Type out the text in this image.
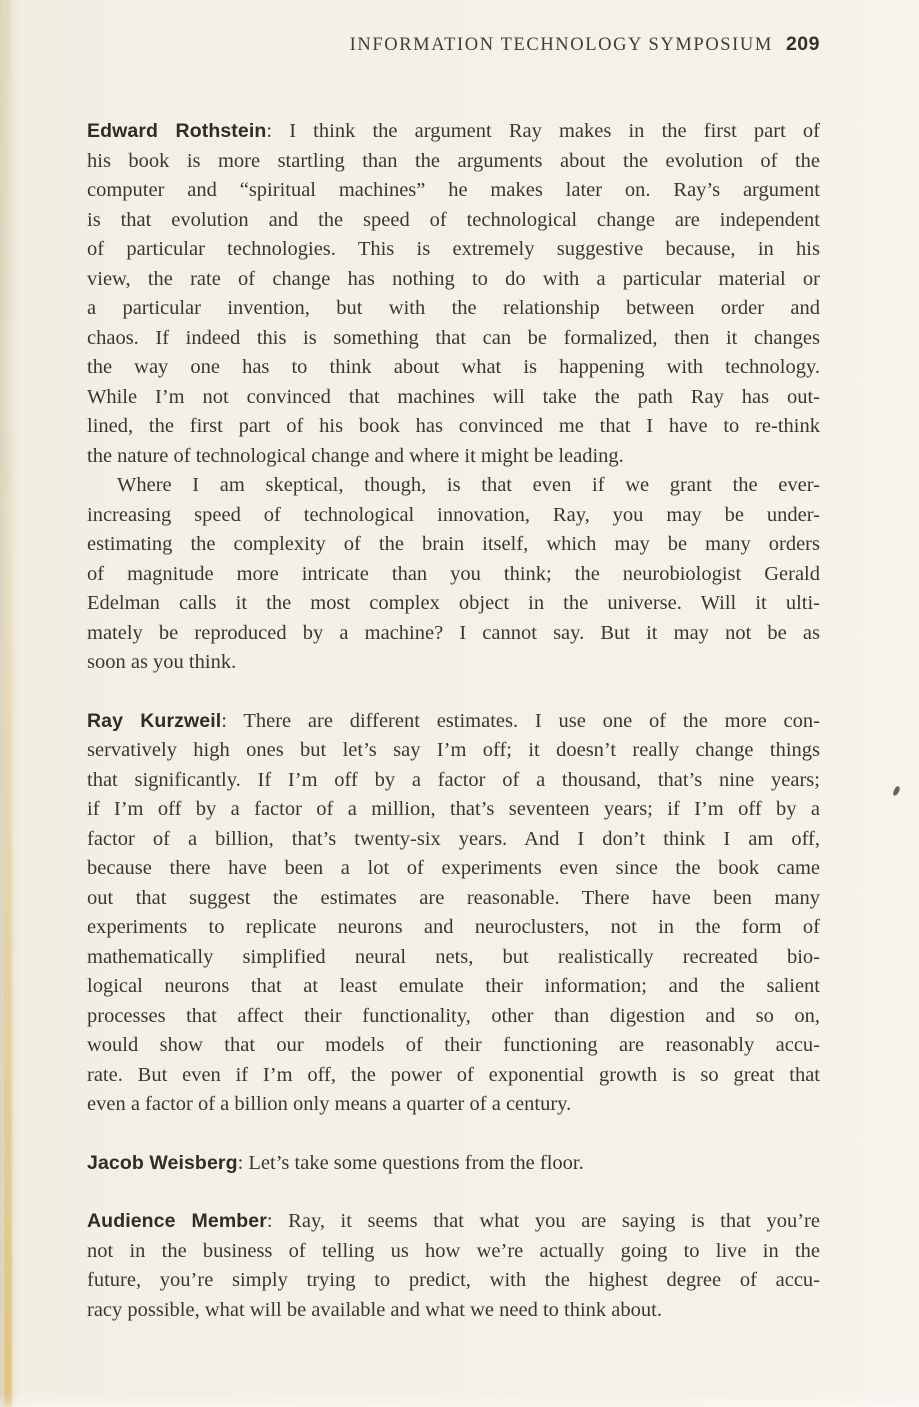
INFORMATION TECHNOLOGY SYMPOSIUM 209
Edward Rothstein: I think the argument Ray makes in the first part of
his book is more startling than the arguments about the evolution of the
computer and “spiritual machines” he makes later on. Ray’s argument
is that evolution and the speed of technological change are independent
of particular technologies. This is extremely suggestive because, in his
view, the rate of change has nothing to do with a particular material or
a particular invention, but with the relationship between order and
chaos. If indeed this is something that can be formalized, then it changes
the way one has to think about what is happening with technology.
While I’m not convinced that machines will take the path Ray has out-
lined, the first part of his book has convinced me that I have to re-think
the nature of technological change and where it might be leading.
Where I am skeptical, though, is that even if we grant the ever-
increasing speed of technological innovation, Ray, you may be under-
estimating the complexity of the brain itself, which may be many orders
of magnitude more intricate than you think; the neurobiologist Gerald
Edelman calls it the most complex object in the universe. Will it ulti-
mately be reproduced by a machine? I cannot say. But it may not be as
soon as you think.
Ray Kurzweil: There are different estimates. I use one of the more con-
servatively high ones but let’s say I’m off; it doesn’t really change things
that significantly. If I’m off by a factor of a thousand, that’s nine years;
if I’m off by a factor of a million, that’s seventeen years; if I’m off by a
factor of a billion, that’s twenty-six years. And I don’t think I am off,
because there have been a lot of experiments even since the book came
out that suggest the estimates are reasonable. There have been many
experiments to replicate neurons and neuroclusters, not in the form of
mathematically simplified neural nets, but realistically recreated bio-
logical neurons that at least emulate their information; and the salient
processes that affect their functionality, other than digestion and so on,
would show that our models of their functioning are reasonably accu-
rate. But even if I’m off, the power of exponential growth is so great that
even a factor of a billion only means a quarter of a century.
Jacob Weisberg: Let’s take some questions from the floor.
Audience Member: Ray, it seems that what you are saying is that you’re
not in the business of telling us how we’re actually going to live in the
future, you’re simply trying to predict, with the highest degree of accu-
racy possible, what will be available and what we need to think about.
